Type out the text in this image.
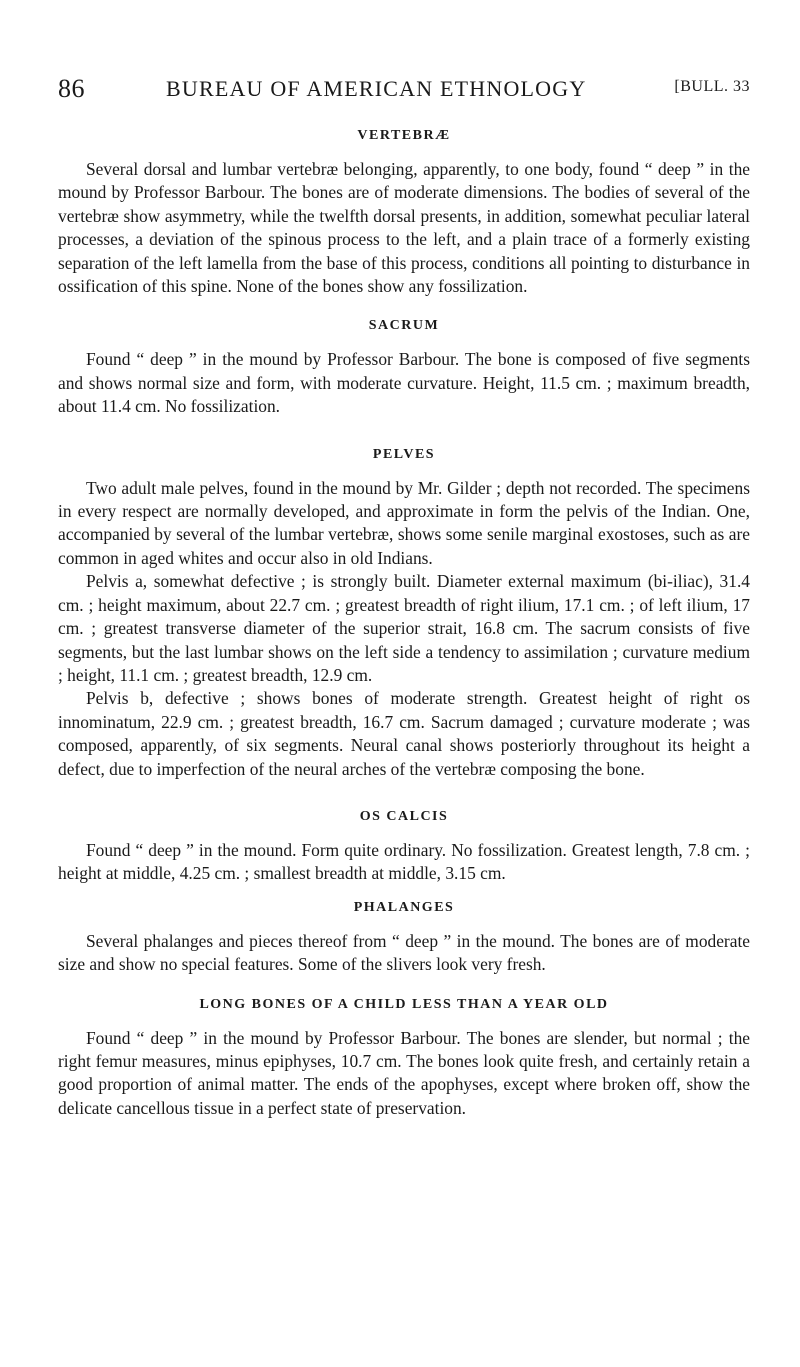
86	BUREAU OF AMERICAN ETHNOLOGY	[BULL. 33
VERTEBRÆ

Several dorsal and lumbar vertebræ belonging, apparently, to one body, found “ deep ” in the mound by Professor Barbour. The bones are of moderate dimensions. The bodies of several of the vertebræ show asymmetry, while the twelfth dorsal presents, in addition, somewhat peculiar lateral processes, a deviation of the spinous process to the left, and a plain trace of a formerly existing separation of the left lamella from the base of this process, conditions all pointing to disturbance in ossification of this spine. None of the bones show any fossilization.

SACRUM

Found “ deep ” in the mound by Professor Barbour. The bone is composed of five segments and shows normal size and form, with moderate curvature. Height, 11.5 cm. ; maximum breadth, about 11.4 cm. No fossilization.

PELVES

Two adult male pelves, found in the mound by Mr. Gilder ; depth not recorded. The specimens in every respect are normally developed, and approximate in form the pelvis of the Indian. One, accompanied by several of the lumbar vertebræ, shows some senile marginal exostoses, such as are common in aged whites and occur also in old Indians.

Pelvis a, somewhat defective ; is strongly built. Diameter external maximum (bi-iliac), 31.4 cm. ; height maximum, about 22.7 cm. ; greatest breadth of right ilium, 17.1 cm. ; of left ilium, 17 cm. ; greatest transverse diameter of the superior strait, 16.8 cm. The sacrum consists of five segments, but the last lumbar shows on the left side a tendency to assimilation ; curvature medium ; height, 11.1 cm. ; greatest breadth, 12.9 cm.

Pelvis b, defective ; shows bones of moderate strength. Greatest height of right os innominatum, 22.9 cm. ; greatest breadth, 16.7 cm. Sacrum damaged ; curvature moderate ; was composed, apparently, of six segments. Neural canal shows posteriorly throughout its height a defect, due to imperfection of the neural arches of the vertebræ composing the bone.

OS CALCIS

Found “ deep ” in the mound. Form quite ordinary. No fossilization. Greatest length, 7.8 cm. ; height at middle, 4.25 cm. ; smallest breadth at middle, 3.15 cm.

PHALANGES

Several phalanges and pieces thereof from “ deep ” in the mound. The bones are of moderate size and show no special features. Some of the slivers look very fresh.

LONG BONES OF A CHILD LESS THAN A YEAR OLD

Found “ deep ” in the mound by Professor Barbour. The bones are slender, but normal ; the right femur measures, minus epiphyses, 10.7 cm. The bones look quite fresh, and certainly retain a good proportion of animal matter. The ends of the apophyses, except where broken off, show the delicate cancellous tissue in a perfect state of preservation.
